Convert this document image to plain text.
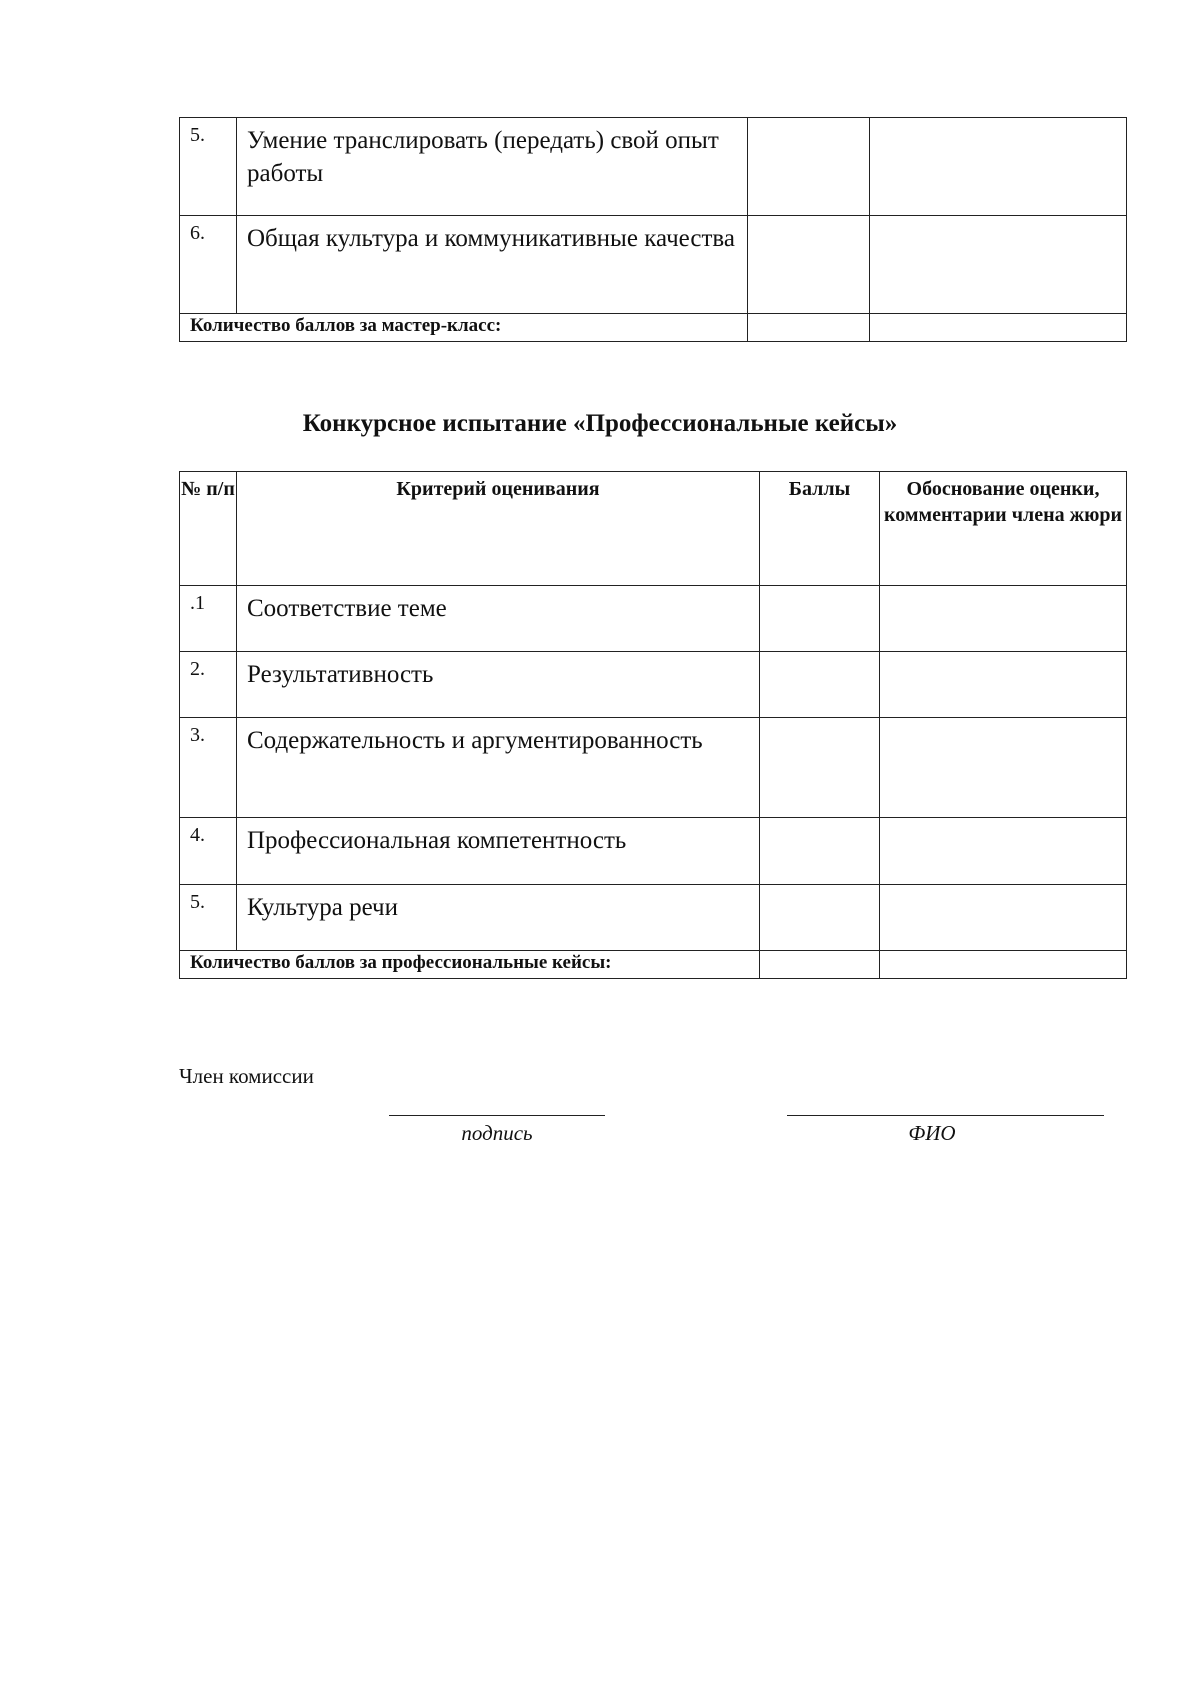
5.	Умение транслировать (передать) свой опыт работы		
6.	Общая культура и коммуникативные качества		
Количество баллов за мастер-класс:			
Конкурсное испытание «Профессиональные кейсы»
№ п/п	Критерий оценивания	Баллы	Обоснование оценки, комментарии члена жюри
.1	Соответствие теме		
2.	Результативность		
3.	Содержательность и аргументированность		
4.	Профессиональная компетентность		
5.	Культура речи		
Количество баллов за профессиональные кейсы:			
Член комиссии
подпись	ФИО
